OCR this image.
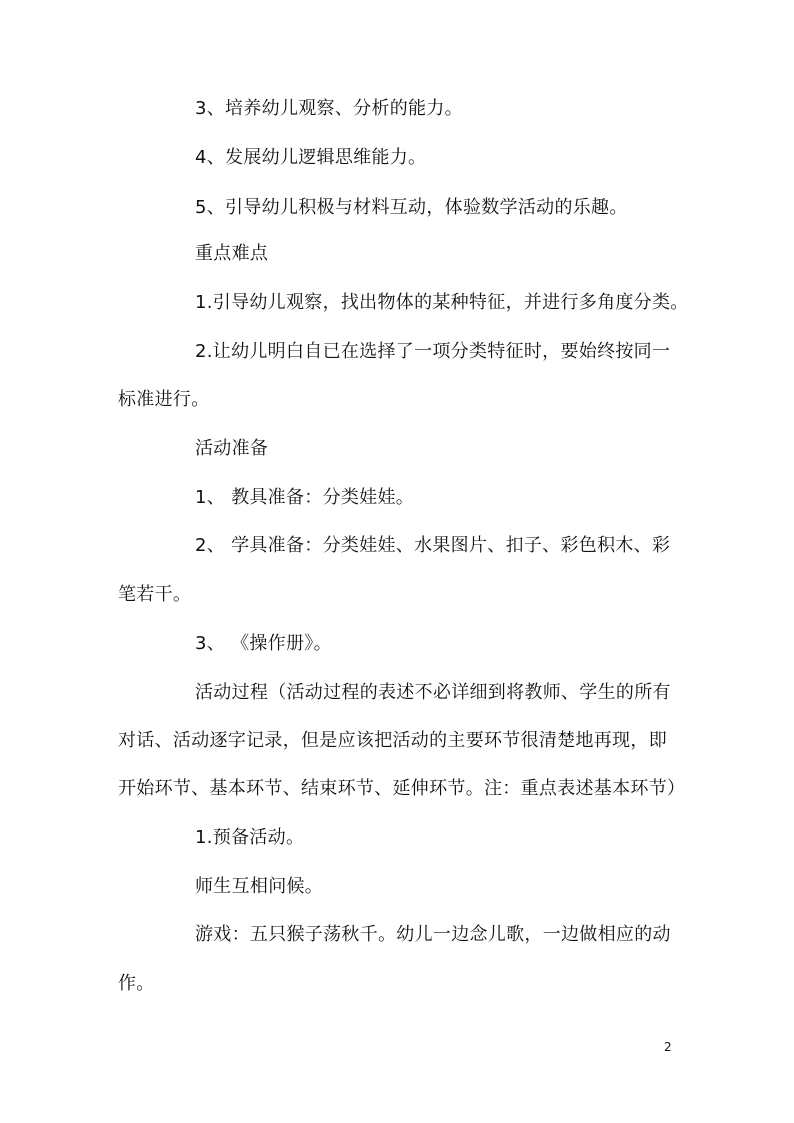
3、培养幼儿观察、分析的能力。
4、发展幼儿逻辑思维能力。
5、引导幼儿积极与材料互动，体验数学活动的乐趣。
重点难点
1.引导幼儿观察，找出物体的某种特征，并进行多角度分类。
2.让幼儿明白自已在选择了一项分类特征时，要始终按同一
标准进行。
活动准备
1、 教具准备：分类娃娃。
2、 学具准备：分类娃娃、水果图片、扣子、彩色积木、彩
笔若干。
3、 《操作册》。
活动过程（活动过程的表述不必详细到将教师、学生的所有
对话、活动逐字记录，但是应该把活动的主要环节很清楚地再现，即
开始环节、基本环节、结束环节、延伸环节。注：重点表述基本环节）
1.预备活动。
师生互相问候。
游戏：五只猴子荡秋千。幼儿一边念儿歌，一边做相应的动
作。
2
